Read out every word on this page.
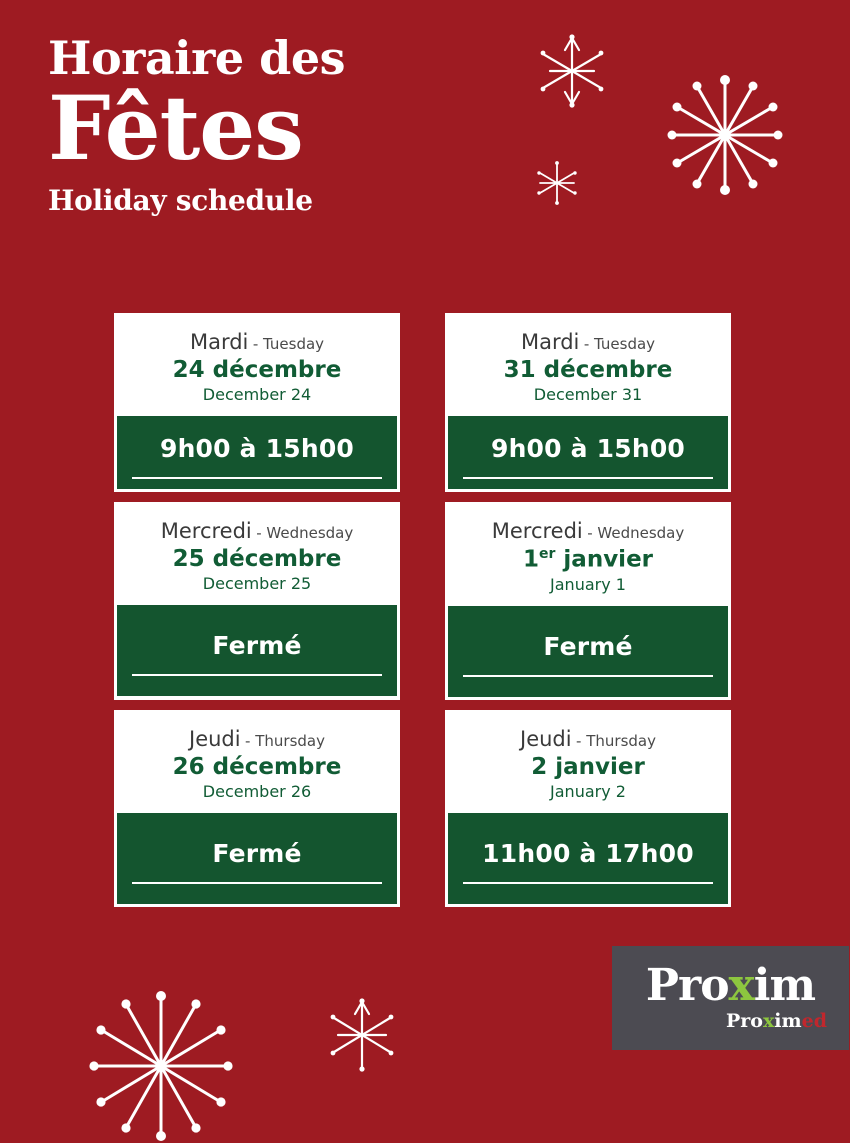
Horaire des
Fêtes
Holiday schedule
Mardi - Tuesday
24 décembre
December 24
9h00 à 15h00
Mardi - Tuesday
31 décembre
December 31
9h00 à 15h00
Mercredi - Wednesday
25 décembre
December 25
Fermé
Mercredi - Wednesday
1er janvier
January 1
Fermé
Jeudi - Thursday
26 décembre
December 26
Fermé
Jeudi - Thursday
2 janvier
January 2
11h00 à 17h00
Proxim
Proximed
